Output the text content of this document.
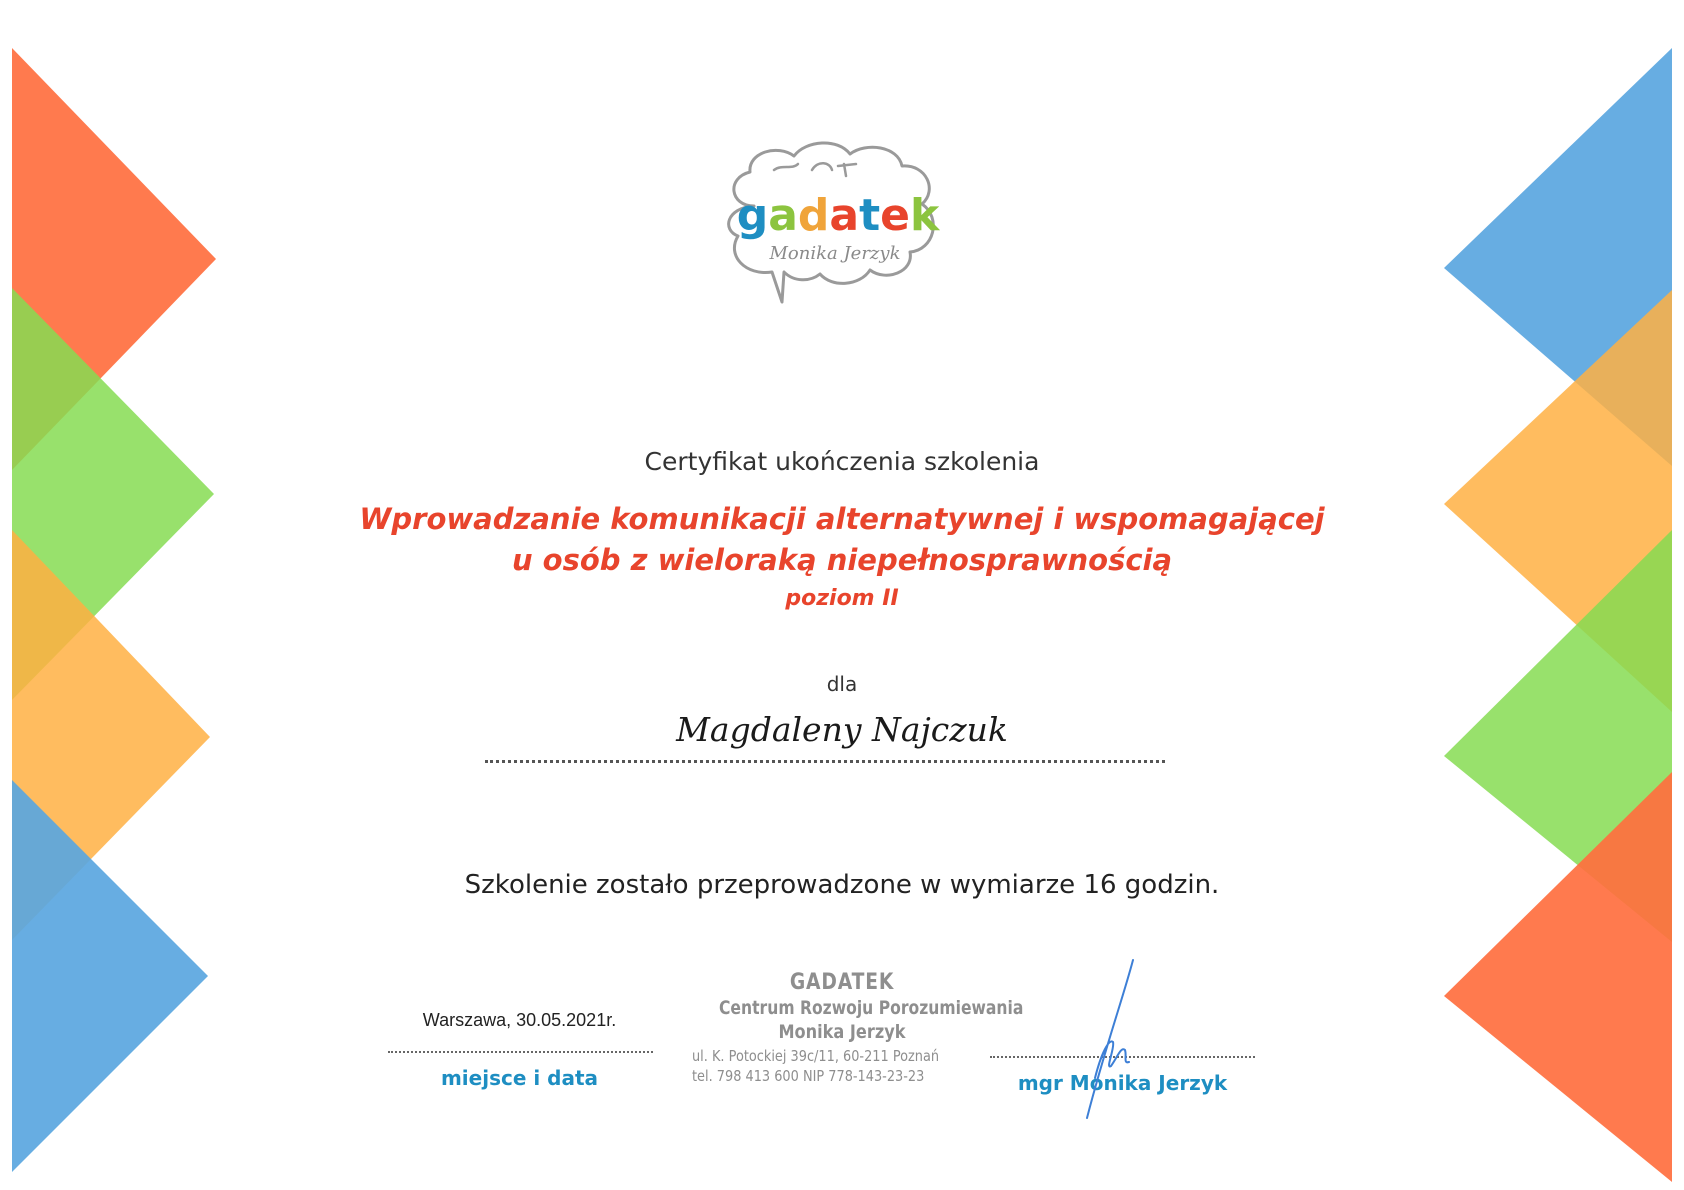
gadatek
Monika Jerzyk
Certyfikat ukończenia szkolenia
Wprowadzanie komunikacji alternatywnej i wspomagającej
u osób z wieloraką niepełnosprawnością
poziom II
dla
Magdaleny Najczuk
Szkolenie zostało przeprowadzone w wymiarze 16 godzin.
Warszawa, 30.05.2021r.
miejsce i data
GADATEK
Centrum Rozwoju Porozumiewania
Monika Jerzyk
ul. K. Potockiej 39c/11, 60-211 Poznań
tel. 798 413 600 NIP 778-143-23-23	mgr Monika Jerzyk
